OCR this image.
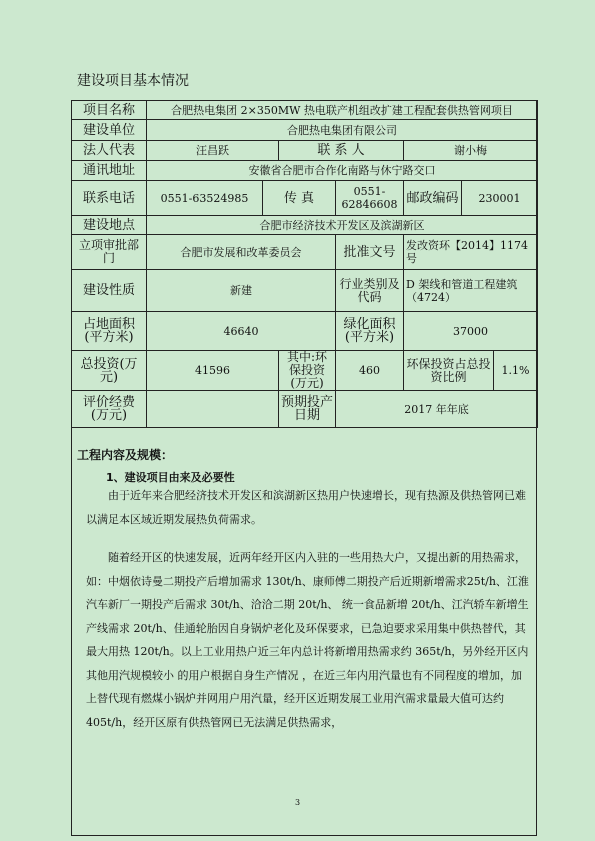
建设项目基本情况
项目名称	合肥热电集团 2×350MW 热电联产机组改扩建工程配套供热管网项目						
建设单位	合肥热电集团有限公司						
法人代表	汪昌跃		联 系 人		谢小梅		
通讯地址	安徽省合肥市合作化南路与休宁路交口						
联系电话	0551-63524985	传 真		0551-62846608	邮政编码	230001	
建设地点	合肥市经济技术开发区及滨湖新区						
立项审批部 门	合肥市发展和改革委员会			批准文号	发改资环【2014】1174号		
建设性质	新建			行业类别及代码	D 架线和管道工程建筑（4724）		
占地面积(平方米)	46640			绿化面积(平方米)	37000		
总投资(万元)	41596		其中:环保投资(万元)	460	环保投资占总投资比例		1.1%
评价经费(万元)			预期投产日期	2017 年年底			
工程内容及规模：
1、建设项目由来及必要性
由于近年来合肥经济技术开发区和滨湖新区热用户快速增长，现有热源及供热管网已难以满足本区域近期发展热负荷需求。
随着经开区的快速发展，近两年经开区内入驻的一些用热大户，又提出新的用热需求，如：中烟依诗曼二期投产后增加需求 130t/h、康师傅二期投产后近期新增需求25t/h、江淮汽车新厂一期投产后需求 30t/h、洽洽二期 20t/h、 统一食品新增 20t/h、江汽轿车新增生产线需求 20t/h、佳通轮胎因自身锅炉老化及环保要求，已急迫要求采用集中供热替代，其最大用热 120t/h。以上工业用热户近三年内总计将新增用热需求约 365t/h，另外经开区内其他用汽规模较小 的用户根据自身生产情况 ，在近三年内用汽量也有不同程度的增加，加上替代现有燃煤小锅炉并网用户用汽量，经开区近期发展工业用汽需求量最大值可达约 405t/h，经开区原有供热管网已无法满足供热需求，
3
